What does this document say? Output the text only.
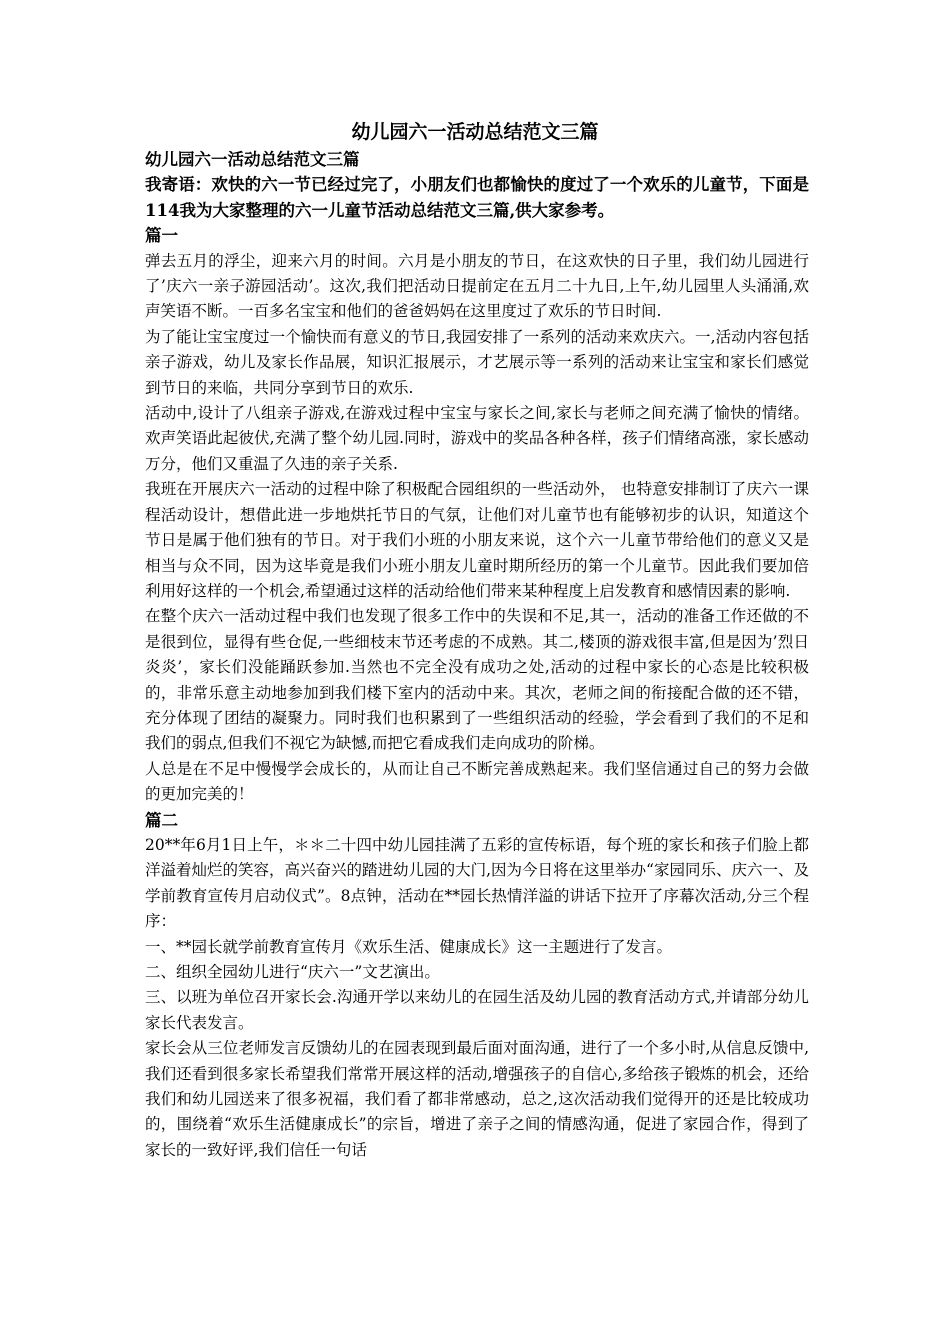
幼儿园六一活动总结范文三篇

幼儿园六一活动总结范文三篇

我寄语：欢快的六一节已经过完了，小朋友们也都愉快的度过了一个欢乐的儿童节，下面是114我为大家整理的六一儿童节活动总结范文三篇,供大家参考。

篇一

弹去五月的浮尘，迎来六月的时间。六月是小朋友的节日，在这欢快的日子里，我们幼儿园进行了’庆六一亲子游园活动’。这次,我们把活动日提前定在五月二十九日,上午,幼儿园里人头涌涌,欢声笑语不断。一百多名宝宝和他们的爸爸妈妈在这里度过了欢乐的节日时间.

为了能让宝宝度过一个愉快而有意义的节日,我园安排了一系列的活动来欢庆六。一,活动内容包括亲子游戏，幼儿及家长作品展，知识汇报展示，才艺展示等一系列的活动来让宝宝和家长们感觉到节日的来临，共同分享到节日的欢乐.

活动中,设计了八组亲子游戏,在游戏过程中宝宝与家长之间,家长与老师之间充满了愉快的情绪。欢声笑语此起彼伏,充满了整个幼儿园.同时，游戏中的奖品各种各样，孩子们情绪高涨，家长感动万分，他们又重温了久违的亲子关系.

我班在开展庆六一活动的过程中除了积极配合园组织的一些活动外， 也特意安排制订了庆六一课程活动设计，想借此进一步地烘托节日的气氛，让他们对儿童节也有能够初步的认识，知道这个节日是属于他们独有的节日。对于我们小班的小朋友来说，这个六一儿童节带给他们的意义又是相当与众不同，因为这毕竟是我们小班小朋友儿童时期所经历的第一个儿童节。因此我们要加倍利用好这样的一个机会,希望通过这样的活动给他们带来某种程度上启发教育和感情因素的影响.

在整个庆六一活动过程中我们也发现了很多工作中的失误和不足,其一，活动的准备工作还做的不是很到位，显得有些仓促,一些细枝末节还考虑的不成熟。其二,楼顶的游戏很丰富,但是因为’烈日炎炎’，家长们没能踊跃参加.当然也不完全没有成功之处,活动的过程中家长的心态是比较积极的，非常乐意主动地参加到我们楼下室内的活动中来。其次，老师之间的衔接配合做的还不错，充分体现了团结的凝聚力。同时我们也积累到了一些组织活动的经验，学会看到了我们的不足和我们的弱点,但我们不视它为缺憾,而把它看成我们走向成功的阶梯。

人总是在不足中慢慢学会成长的，从而让自己不断完善成熟起来。我们坚信通过自己的努力会做的更加完美的！

篇二

20**年6月1日上午，＊＊二十四中幼儿园挂满了五彩的宣传标语，每个班的家长和孩子们脸上都洋溢着灿烂的笑容，高兴奋兴的踏进幼儿园的大门,因为今日将在这里举办“家园同乐、庆六一、及学前教育宣传月启动仪式”。8点钟，活动在**园长热情洋溢的讲话下拉开了序幕次活动,分三个程序：

一、**园长就学前教育宣传月《欢乐生活、健康成长》这一主题进行了发言。

二、组织全园幼儿进行“庆六一”文艺演出。

三、以班为单位召开家长会.沟通开学以来幼儿的在园生活及幼儿园的教育活动方式,并请部分幼儿家长代表发言。

家长会从三位老师发言反馈幼儿的在园表现到最后面对面沟通，进行了一个多小时,从信息反馈中,我们还看到很多家长希望我们常常开展这样的活动,增强孩子的自信心,多给孩子锻炼的机会，还给我们和幼儿园送来了很多祝福，我们看了都非常感动，总之,这次活动我们觉得开的还是比较成功的，围绕着“欢乐生活健康成长”的宗旨，增进了亲子之间的情感沟通，促进了家园合作，得到了家长的一致好评,我们信任一句话
